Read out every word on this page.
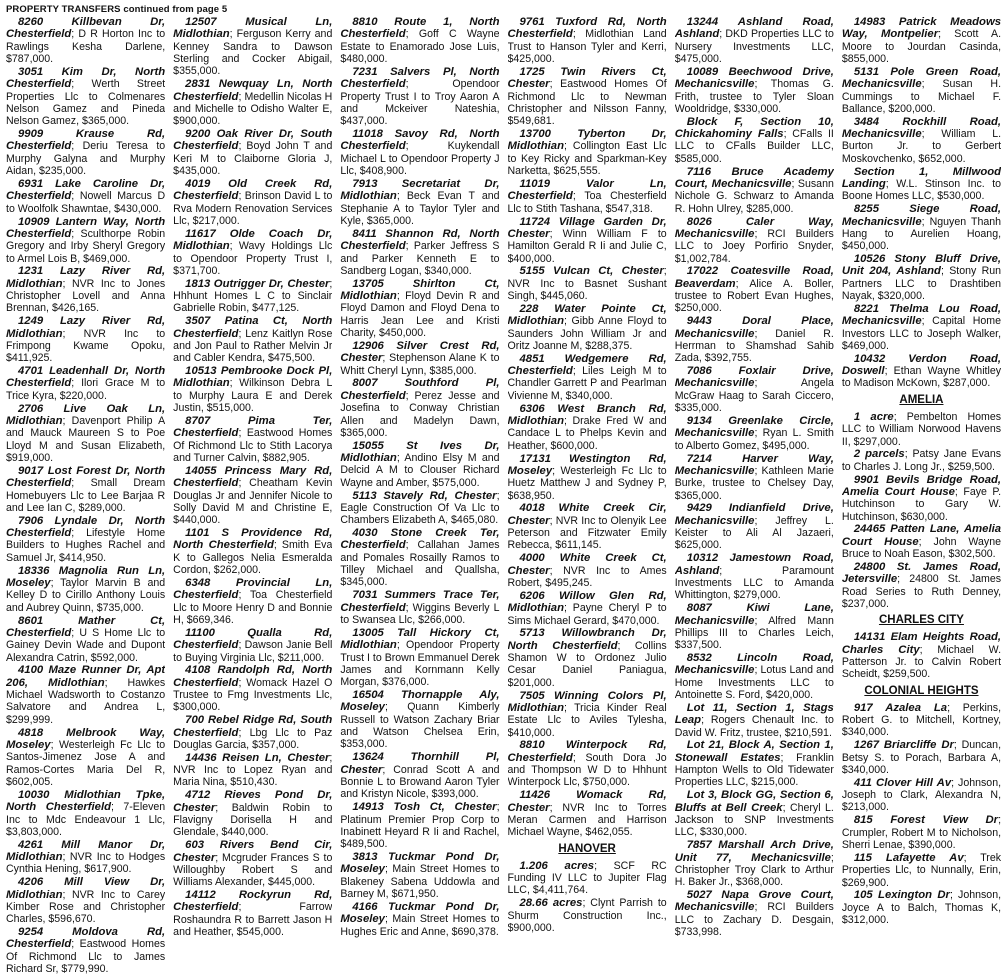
PROPERTY TRANSFERS continued from page 5

8260 Killbevan Dr, Chesterfield; D R Horton Inc to Rawlings Kesha Darlene, $787,000.

3051 Kim Dr, North Chesterfield; Werth Street Properties Llc to Colmenares Nelson Gamez and Pineda Nelson Gamez, $365,000.

9909 Krause Rd, Chesterfield; Deriu Teresa to Murphy Galyna and Murphy Aidan, $235,000.

6931 Lake Caroline Dr, Chesterfield; Nowell Marcus D to Woolfolk Shawntae, $430,000.

10909 Lantern Way, North Chesterfield; Sculthorpe Robin Gregory and Irby Sheryl Gregory to Armel Lois B, $469,000.

1231 Lazy River Rd, Midlothian; NVR Inc to Jones Christopher Lovell and Anna Brennan, $426,165.

1249 Lazy River Rd, Midlothian; NVR Inc to Frimpong Kwame Opoku, $411,925.

4701 Leadenhall Dr, North Chesterfield; Ilori Grace M to Trice Kyra, $220,000.

2706 Live Oak Ln, Midlothian; Davenport Philip A and Mauck Maureen S to Poe Lloyd M and Susan Elizabeth, $919,000.

9017 Lost Forest Dr, North Chesterfield; Small Dream Homebuyers Llc to Lee Barjaa R and Lee Ian C, $289,000.

7906 Lyndale Dr, North Chesterfield; Lifestyle Home Builders to Hughes Rachel and Samuel Jr, $414,950.

18336 Magnolia Run Ln, Moseley; Taylor Marvin B and Kelley D to Cirillo Anthony Louis and Aubrey Quinn, $735,000.

8601 Mather Ct, Chesterfield; U S Home Llc to Gainey Devin Wade and Dupont Alexandra Catrin, $592,000.

4100 Maze Runner Dr, Apt 206, Midlothian; Hawkes Michael Wadsworth to Costanzo Salvatore and Andrea L, $299,999.

4818 Melbrook Way, Moseley; Westerleigh Fc Llc to Santos-Jimenez Jose A and Ramos-Cortes Maria Del R, $602,005.

10030 Midlothian Tpke, North Chesterfield; 7-Eleven Inc to Mdc Endeavour 1 Llc, $3,803,000.

4261 Mill Manor Dr, Midlothian; NVR Inc to Hodges Cynthia Hening, $617,900.

4206 Mill View Dr, Midlothian; NVR Inc to Carey Kimber Rose and Christopher Charles, $596,670.

9254 Moldova Rd, Chesterfield; Eastwood Homes Of Richmond Llc to James Richard Sr, $779,990.

12507 Musical Ln, Midlothian; Ferguson Kerry and Kenney Sandra to Dawson Sterling and Cocker Abigail, $355,000.

2831 Newquay Ln, North Chesterfield; Medellin Nicolas H and Michelle to Odisho Walter E, $900,000.

9200 Oak River Dr, South Chesterfield; Boyd John T and Keri M to Claiborne Gloria J, $435,000.

4019 Old Creek Rd, Chesterfield; Brinson David L to Rva Modern Renovation Services Llc, $217,000.

11617 Olde Coach Dr, Midlothian; Wavy Holdings Llc to Opendoor Property Trust I, $371,700.

1813 Outrigger Dr, Chester; Hhhunt Homes L C to Sinclair Gabrielle Robin, $477,125.

3507 Patina Ct, North Chesterfield; Lenz Kaitlyn Rose and Jon Paul to Rather Melvin Jr and Cabler Kendra, $475,500.

10513 Pembrooke Dock Pl, Midlothian; Wilkinson Debra L to Murphy Laura E and Derek Justin, $515,000.

8707 Pima Ter, Chesterfield; Eastwood Homes Of Richmond Llc to Stith Lacorya and Turner Calvin, $882,905.

14055 Princess Mary Rd, Chesterfield; Cheatham Kevin Douglas Jr and Jennifer Nicole to Solly David M and Christine E, $440,000.

1101 S Providence Rd, North Chesterfield; Smith Eva K to Gallegos Nelia Esmeralda Cordon, $262,000.

6348 Provincial Ln, Chesterfield; Toa Chesterfield Llc to Moore Henry D and Bonnie H, $669,346.

11100 Qualla Rd, Chesterfield; Dawson Janie Bell to Buying Virginia Llc, $211,000.

4108 Randolph Rd, North Chesterfield; Womack Hazel O Trustee to Fmg Investments Llc, $300,000.

700 Rebel Ridge Rd, South Chesterfield; Lbg Llc to Paz Douglas Garcia, $357,000.

14436 Reisen Ln, Chester; NVR Inc to Lopez Ryan and Maria Nina, $510,430.

4712 Rieves Pond Dr, Chester; Baldwin Robin to Flavigny Dorisella H and Glendale, $440,000.

603 Rivers Bend Cir, Chester; Mcgruder Frances S to Willoughby Robert S and Williams Alexander, $445,000.

14112 Rockyrun Rd, Chesterfield; Farrow Roshaundra R to Barrett Jason H and Heather, $545,000.

8810 Route 1, North Chesterfield; Goff C Wayne Estate to Enamorado Jose Luis, $480,000.

7231 Salvers Pl, North Chesterfield; Opendoor Property Trust I to Troy Aaron A and Mckeiver Nateshia, $437,000.

11018 Savoy Rd, North Chesterfield; Kuykendall Michael L to Opendoor Property J Llc, $408,900.

7913 Secretariat Dr, Midlothian; Beck Evan T and Stephanie A to Taylor Tyler and Kyle, $365,000.

8411 Shannon Rd, North Chesterfield; Parker Jeffress S and Parker Kenneth E to Sandberg Logan, $340,000.

13705 Shirlton Ct, Midlothian; Floyd Devin R and Floyd Damon and Floyd Dena to Harris Jean Lee and Kristi Charity, $450,000.

12906 Silver Crest Rd, Chester; Stephenson Alane K to Whitt Cheryl Lynn, $385,000.

8007 Southford Pl, Chesterfield; Perez Jesse and Josefina to Conway Christian Allen and Madelyn Dawn, $365,000.

15055 St Ives Dr, Midlothian; Andino Elsy M and Delcid A M to Clouser Richard Wayne and Amber, $575,000.

5113 Stavely Rd, Chester; Eagle Construction Of Va Llc to Chambers Elizabeth A, $465,080.

4030 Stone Creek Ter, Chesterfield; Callahan James and Pomales Rosailly Ramos to Tilley Michael and Quallsha, $345,000.

7031 Summers Trace Ter, Chesterfield; Wiggins Beverly L to Swansea Llc, $266,000.

13005 Tall Hickory Ct, Midlothian; Opendoor Property Trust I to Brown Emmanuel Derek James and Kornmann Kelly Morgan, $376,000.

16504 Thornapple Aly, Moseley; Quann Kimberly Russell to Watson Zachary Briar and Watson Chelsea Erin, $353,000.

13624 Thornhill Pl, Chester; Conrad Scott A and Bonnie L to Browand Aaron Tyler and Kristyn Nicole, $393,000.

14913 Tosh Ct, Chester; Platinum Premier Prop Corp to Inabinett Heyard R Ii and Rachel, $489,500.

3813 Tuckmar Pond Dr, Moseley; Main Street Homes to Blakeney Sabena Uddowla and Barney M, $671,950.

4166 Tuckmar Pond Dr, Moseley; Main Street Homes to Hughes Eric and Anne, $690,378.

9761 Tuxford Rd, North Chesterfield; Midlothian Land Trust to Hanson Tyler and Kerri, $425,000.

1725 Twin Rivers Ct, Chester; Eastwood Homes Of Richmond Llc to Newman Christopher and Nilsson Fanny, $549,681.

13700 Tyberton Dr, Midlothian; Collington East Llc to Key Ricky and Sparkman-Key Narketta, $625,555.

11019 Valor Ln, Chesterfield; Toa Chesterfield Llc to Stith Tashana, $547,318.

11724 Village Garden Dr, Chester; Winn William F to Hamilton Gerald R Ii and Julie C, $400,000.

5155 Vulcan Ct, Chester; NVR Inc to Basnet Sushant Singh, $445,060.

228 Water Pointe Ct, Midlothian; Gibb Anne Floyd to Saunders John William Jr and Oritz Joanne M, $288,375.

4851 Wedgemere Rd, Chesterfield; Liles Leigh M to Chandler Garrett P and Pearlman Vivienne M, $340,000.

6306 West Branch Rd, Midlothian; Drake Fred W and Candace L to Phelps Kevin and Heather, $600,000.

17131 Westington Rd, Moseley; Westerleigh Fc Llc to Huetz Matthew J and Sydney P, $638,950.

4018 White Creek Cir, Chester; NVR Inc to Olenyik Lee Peterson and Fitzwater Emily Rebecca, $611,145.

4000 White Creek Ct, Chester; NVR Inc to Ames Robert, $495,245.

6206 Willow Glen Rd, Midlothian; Payne Cheryl P to Sims Michael Gerard, $470,000.

5713 Willowbranch Dr, North Chesterfield; Collins Shamon W to Ordonez Julio Cesar Daniel Paniagua, $201,000.

7505 Winning Colors Pl, Midlothian; Tricia Kinder Real Estate Llc to Aviles Tylesha, $410,000.

8810 Winterpock Rd, Chesterfield; South Dora Jo and Thompson W D to Hhhunt Winterpock Llc, $750,000.

11426 Womack Rd, Chester; NVR Inc to Torres Meran Carmen and Harrison Michael Wayne, $462,055.

HANOVER

1.206 acres; SCF RC Funding IV LLC to Jupiter Flag LLC, $4,411,764.

28.66 acres; Clynt Parrish to Shurm Construction Inc., $900,000.

13244 Ashland Road, Ashland; DKD Properties LLC to Nursery Investments LLC, $475,000.

10089 Beechwood Drive, Mechanicsville; Thomas G. Frith, trustee to Tyler Sloan Wooldridge, $330,000.

Block F, Section 10, Chickahominy Falls; CFalls II LLC to CFalls Builder LLC, $585,000.

7116 Bruce Academy Court, Mechanicsville; Susann Nichole G. Schwarz to Amanda R. Hohn Ulrey, $285,000.

8026 Caler Way, Mechanicsville; RCI Builders LLC to Joey Porfirio Snyder, $1,002,784.

17022 Coatesville Road, Beaverdam; Alice A. Boller, trustee to Robert Evan Hughes, $250,000.

9443 Doral Place, Mechanicsville; Daniel R. Herrman to Shamshad Sahib Zada, $392,755.

7086 Foxlair Drive, Mechanicsville; Angela McGraw Haag to Sarah Ciccero, $335,000.

9134 Greenlake Circle, Mechanicsville; Ryan L. Smith to Alberto Gomez, $495,000.

7214 Harver Way, Mechanicsville; Kathleen Marie Burke, trustee to Chelsey Day, $365,000.

9429 Indianfield Drive, Mechanicsville; Jeffrey L. Keister to Ali Al Jazaeri, $625,000.

10312 Jamestown Road, Ashland; Paramount Investments LLC to Amanda Whittington, $279,000.

8087 Kiwi Lane, Mechanicsville; Alfred Mann Phillips III to Charles Leich, $337,500.

8532 Lincoln Road, Mechanicsville; Lotus Land and Home Investments LLC to Antoinette S. Ford, $420,000.

Lot 11, Section 1, Stags Leap; Rogers Chenault Inc. to David W. Fritz, trustee, $210,591.

Lot 21, Block A, Section 1, Stonewall Estates; Franklin Hampton Wells to Old Tidewater Properties LLC, $215,000.

Lot 3, Block GG, Section 6, Bluffs at Bell Creek; Cheryl L. Jackson to SNP Investments LLC, $330,000.

7857 Marshall Arch Drive, Unit 77, Mechanicsville; Christopher Troy Clark to Arthur H. Baker Jr., $368,000.

5027 Napa Grove Court, Mechanicsville; RCI Builders LLC to Zachary D. Desgain, $733,998.

14983 Patrick Meadows Way, Montpelier; Scott A. Moore to Jourdan Casinda, $855,000.

5131 Pole Green Road, Mechanicsville; Susan H. Cummings to Michael F. Ballance, $200,000.

3484 Rockhill Road, Mechanicsville; William L. Burton Jr. to Gerbert Moskovchenko, $652,000.

Section 1, Millwood Landing; W.L. Stinson Inc. to Boone Homes LLC, $530,000.

8255 Siege Road, Mechanicsville; Nguyen Thanh Hang to Aurelien Hoang, $450,000.

10526 Stony Bluff Drive, Unit 204, Ashland; Stony Run Partners LLC to Drashtiben Nayak, $320,000.

8221 Thelma Lou Road, Mechanicsville; Capital Home Investors LLC to Joseph Walker, $469,000.

10432 Verdon Road, Doswell; Ethan Wayne Whitley to Madison McKown, $287,000.

AMELIA

1 acre; Pembelton Homes LLC to William Norwood Havens II, $297,000.

2 parcels; Patsy Jane Evans to Charles J. Long Jr., $259,500.

9901 Bevils Bridge Road, Amelia Court House; Faye P. Hutchinson to Gary W. Hutchinson, $630,000.

24465 Patten Lane, Amelia Court House; John Wayne Bruce to Noah Eason, $302,500.

24800 St. James Road, Jetersville; 24800 St. James Road Series to Ruth Denney, $237,000.

CHARLES CITY

14131 Elam Heights Road, Charles City; Michael W. Patterson Jr. to Calvin Robert Scheidt, $259,500.

COLONIAL HEIGHTS

917 Azalea La; Perkins, Robert G. to Mitchell, Kortney, $340,000.

1267 Briarcliffe Dr; Duncan, Betsy S. to Porach, Barbara A, $340,000.

411 Clover Hill Av; Johnson, Joseph to Clark, Alexandra N, $213,000.

815 Forest View Dr; Crumpler, Robert M to Nicholson, Sherri Lenae, $390,000.

115 Lafayette Av; Trek Properties Llc, to Nunnally, Erin, $269,900.

105 Lexington Dr; Johnson, Joyce A to Balch, Thomas K, $312,000.
